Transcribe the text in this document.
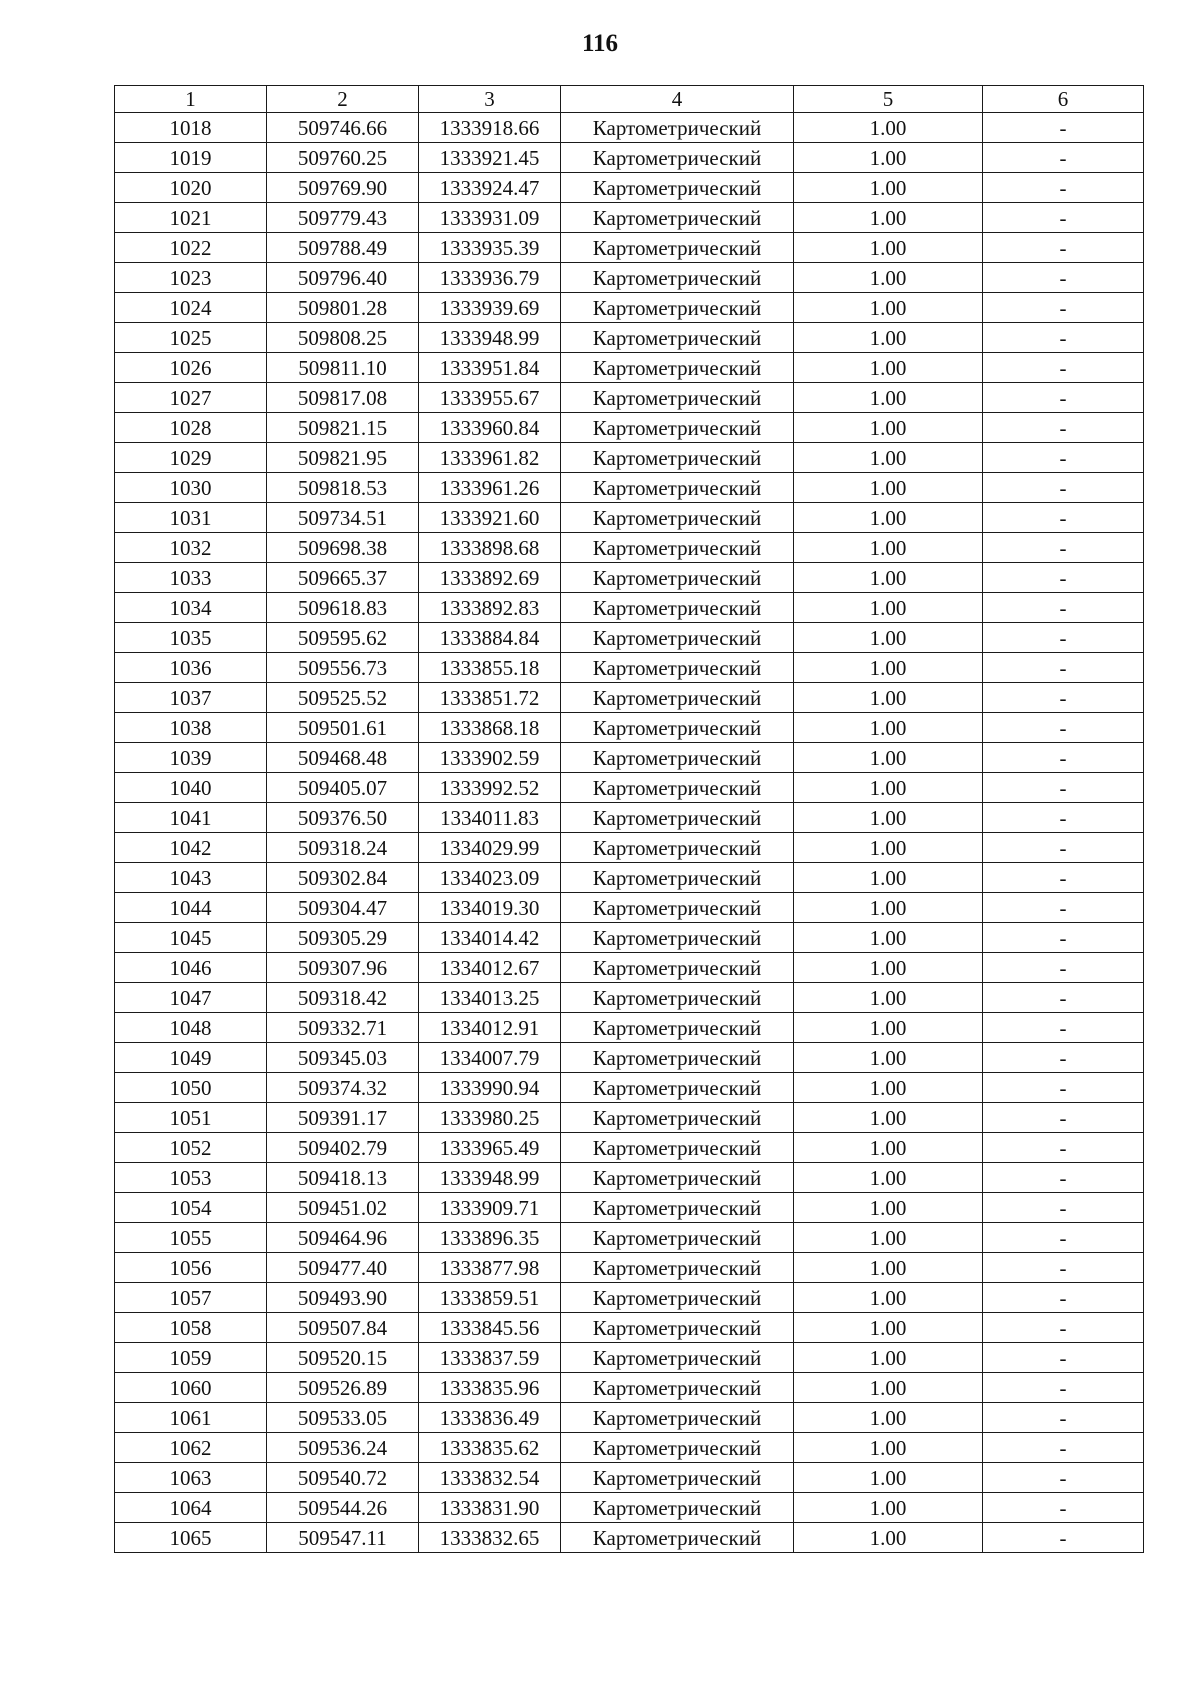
116
1	2	3	4	5	6
1018	509746.66	1333918.66	Картометрический	1.00	-
1019	509760.25	1333921.45	Картометрический	1.00	-
1020	509769.90	1333924.47	Картометрический	1.00	-
1021	509779.43	1333931.09	Картометрический	1.00	-
1022	509788.49	1333935.39	Картометрический	1.00	-
1023	509796.40	1333936.79	Картометрический	1.00	-
1024	509801.28	1333939.69	Картометрический	1.00	-
1025	509808.25	1333948.99	Картометрический	1.00	-
1026	509811.10	1333951.84	Картометрический	1.00	-
1027	509817.08	1333955.67	Картометрический	1.00	-
1028	509821.15	1333960.84	Картометрический	1.00	-
1029	509821.95	1333961.82	Картометрический	1.00	-
1030	509818.53	1333961.26	Картометрический	1.00	-
1031	509734.51	1333921.60	Картометрический	1.00	-
1032	509698.38	1333898.68	Картометрический	1.00	-
1033	509665.37	1333892.69	Картометрический	1.00	-
1034	509618.83	1333892.83	Картометрический	1.00	-
1035	509595.62	1333884.84	Картометрический	1.00	-
1036	509556.73	1333855.18	Картометрический	1.00	-
1037	509525.52	1333851.72	Картометрический	1.00	-
1038	509501.61	1333868.18	Картометрический	1.00	-
1039	509468.48	1333902.59	Картометрический	1.00	-
1040	509405.07	1333992.52	Картометрический	1.00	-
1041	509376.50	1334011.83	Картометрический	1.00	-
1042	509318.24	1334029.99	Картометрический	1.00	-
1043	509302.84	1334023.09	Картометрический	1.00	-
1044	509304.47	1334019.30	Картометрический	1.00	-
1045	509305.29	1334014.42	Картометрический	1.00	-
1046	509307.96	1334012.67	Картометрический	1.00	-
1047	509318.42	1334013.25	Картометрический	1.00	-
1048	509332.71	1334012.91	Картометрический	1.00	-
1049	509345.03	1334007.79	Картометрический	1.00	-
1050	509374.32	1333990.94	Картометрический	1.00	-
1051	509391.17	1333980.25	Картометрический	1.00	-
1052	509402.79	1333965.49	Картометрический	1.00	-
1053	509418.13	1333948.99	Картометрический	1.00	-
1054	509451.02	1333909.71	Картометрический	1.00	-
1055	509464.96	1333896.35	Картометрический	1.00	-
1056	509477.40	1333877.98	Картометрический	1.00	-
1057	509493.90	1333859.51	Картометрический	1.00	-
1058	509507.84	1333845.56	Картометрический	1.00	-
1059	509520.15	1333837.59	Картометрический	1.00	-
1060	509526.89	1333835.96	Картометрический	1.00	-
1061	509533.05	1333836.49	Картометрический	1.00	-
1062	509536.24	1333835.62	Картометрический	1.00	-
1063	509540.72	1333832.54	Картометрический	1.00	-
1064	509544.26	1333831.90	Картометрический	1.00	-
1065	509547.11	1333832.65	Картометрический	1.00	-
